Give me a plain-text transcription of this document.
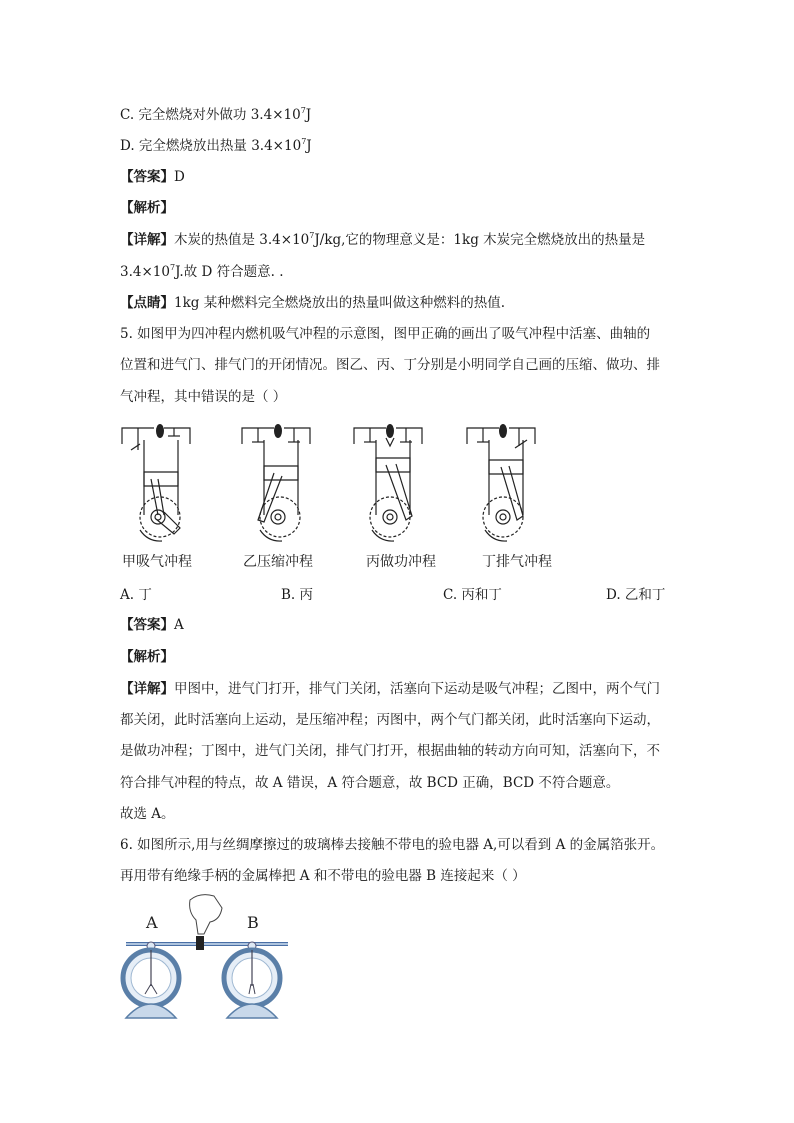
C. 完全燃烧对外做功 $3.4\times 10^7J$
D. 完全燃烧放出热量 $3.4\times 10^7J$
【答案】D
【解析】
【详解】木炭的热值是 $3.4\times 10^7J/kg$,它的物理意义是：1kg 木炭完全燃烧放出的热量是
$3.4\times 10^7J$.故 D 符合题意. .
【点睛】1kg 某种燃料完全燃烧放出的热量叫做这种燃料的热值.
5. 如图甲为四冲程内燃机吸气冲程的示意图，图甲正确的画出了吸气冲程中活塞、曲轴的
位置和进气门、排气门的开闭情况。图乙、丙、丁分别是小明同学自己画的压缩、做功、排
气冲程，其中错误的是（ ）
甲吸气冲程	乙压缩冲程	丙做功冲程	丁排气冲程
A. 丁	B. 丙	C. 丙和丁	D. 乙和丁
【答案】A
【解析】
【详解】甲图中，进气门打开，排气门关闭，活塞向下运动是吸气冲程；乙图中，两个气门
都关闭，此时活塞向上运动，是压缩冲程；丙图中，两个气门都关闭，此时活塞向下运动，
是做功冲程；丁图中，进气门关闭，排气门打开，根据曲轴的转动方向可知，活塞向下，不
符合排气冲程的特点，故 A 错误，A 符合题意，故 BCD 正确，BCD 不符合题意。
故选 A。
6. 如图所示,用与丝绸摩擦过的玻璃棒去接触不带电的验电器 A,可以看到 A 的金属箔张开。
再用带有绝缘手柄的金属棒把 A 和不带电的验电器 B 连接起来（ ）
A	B
